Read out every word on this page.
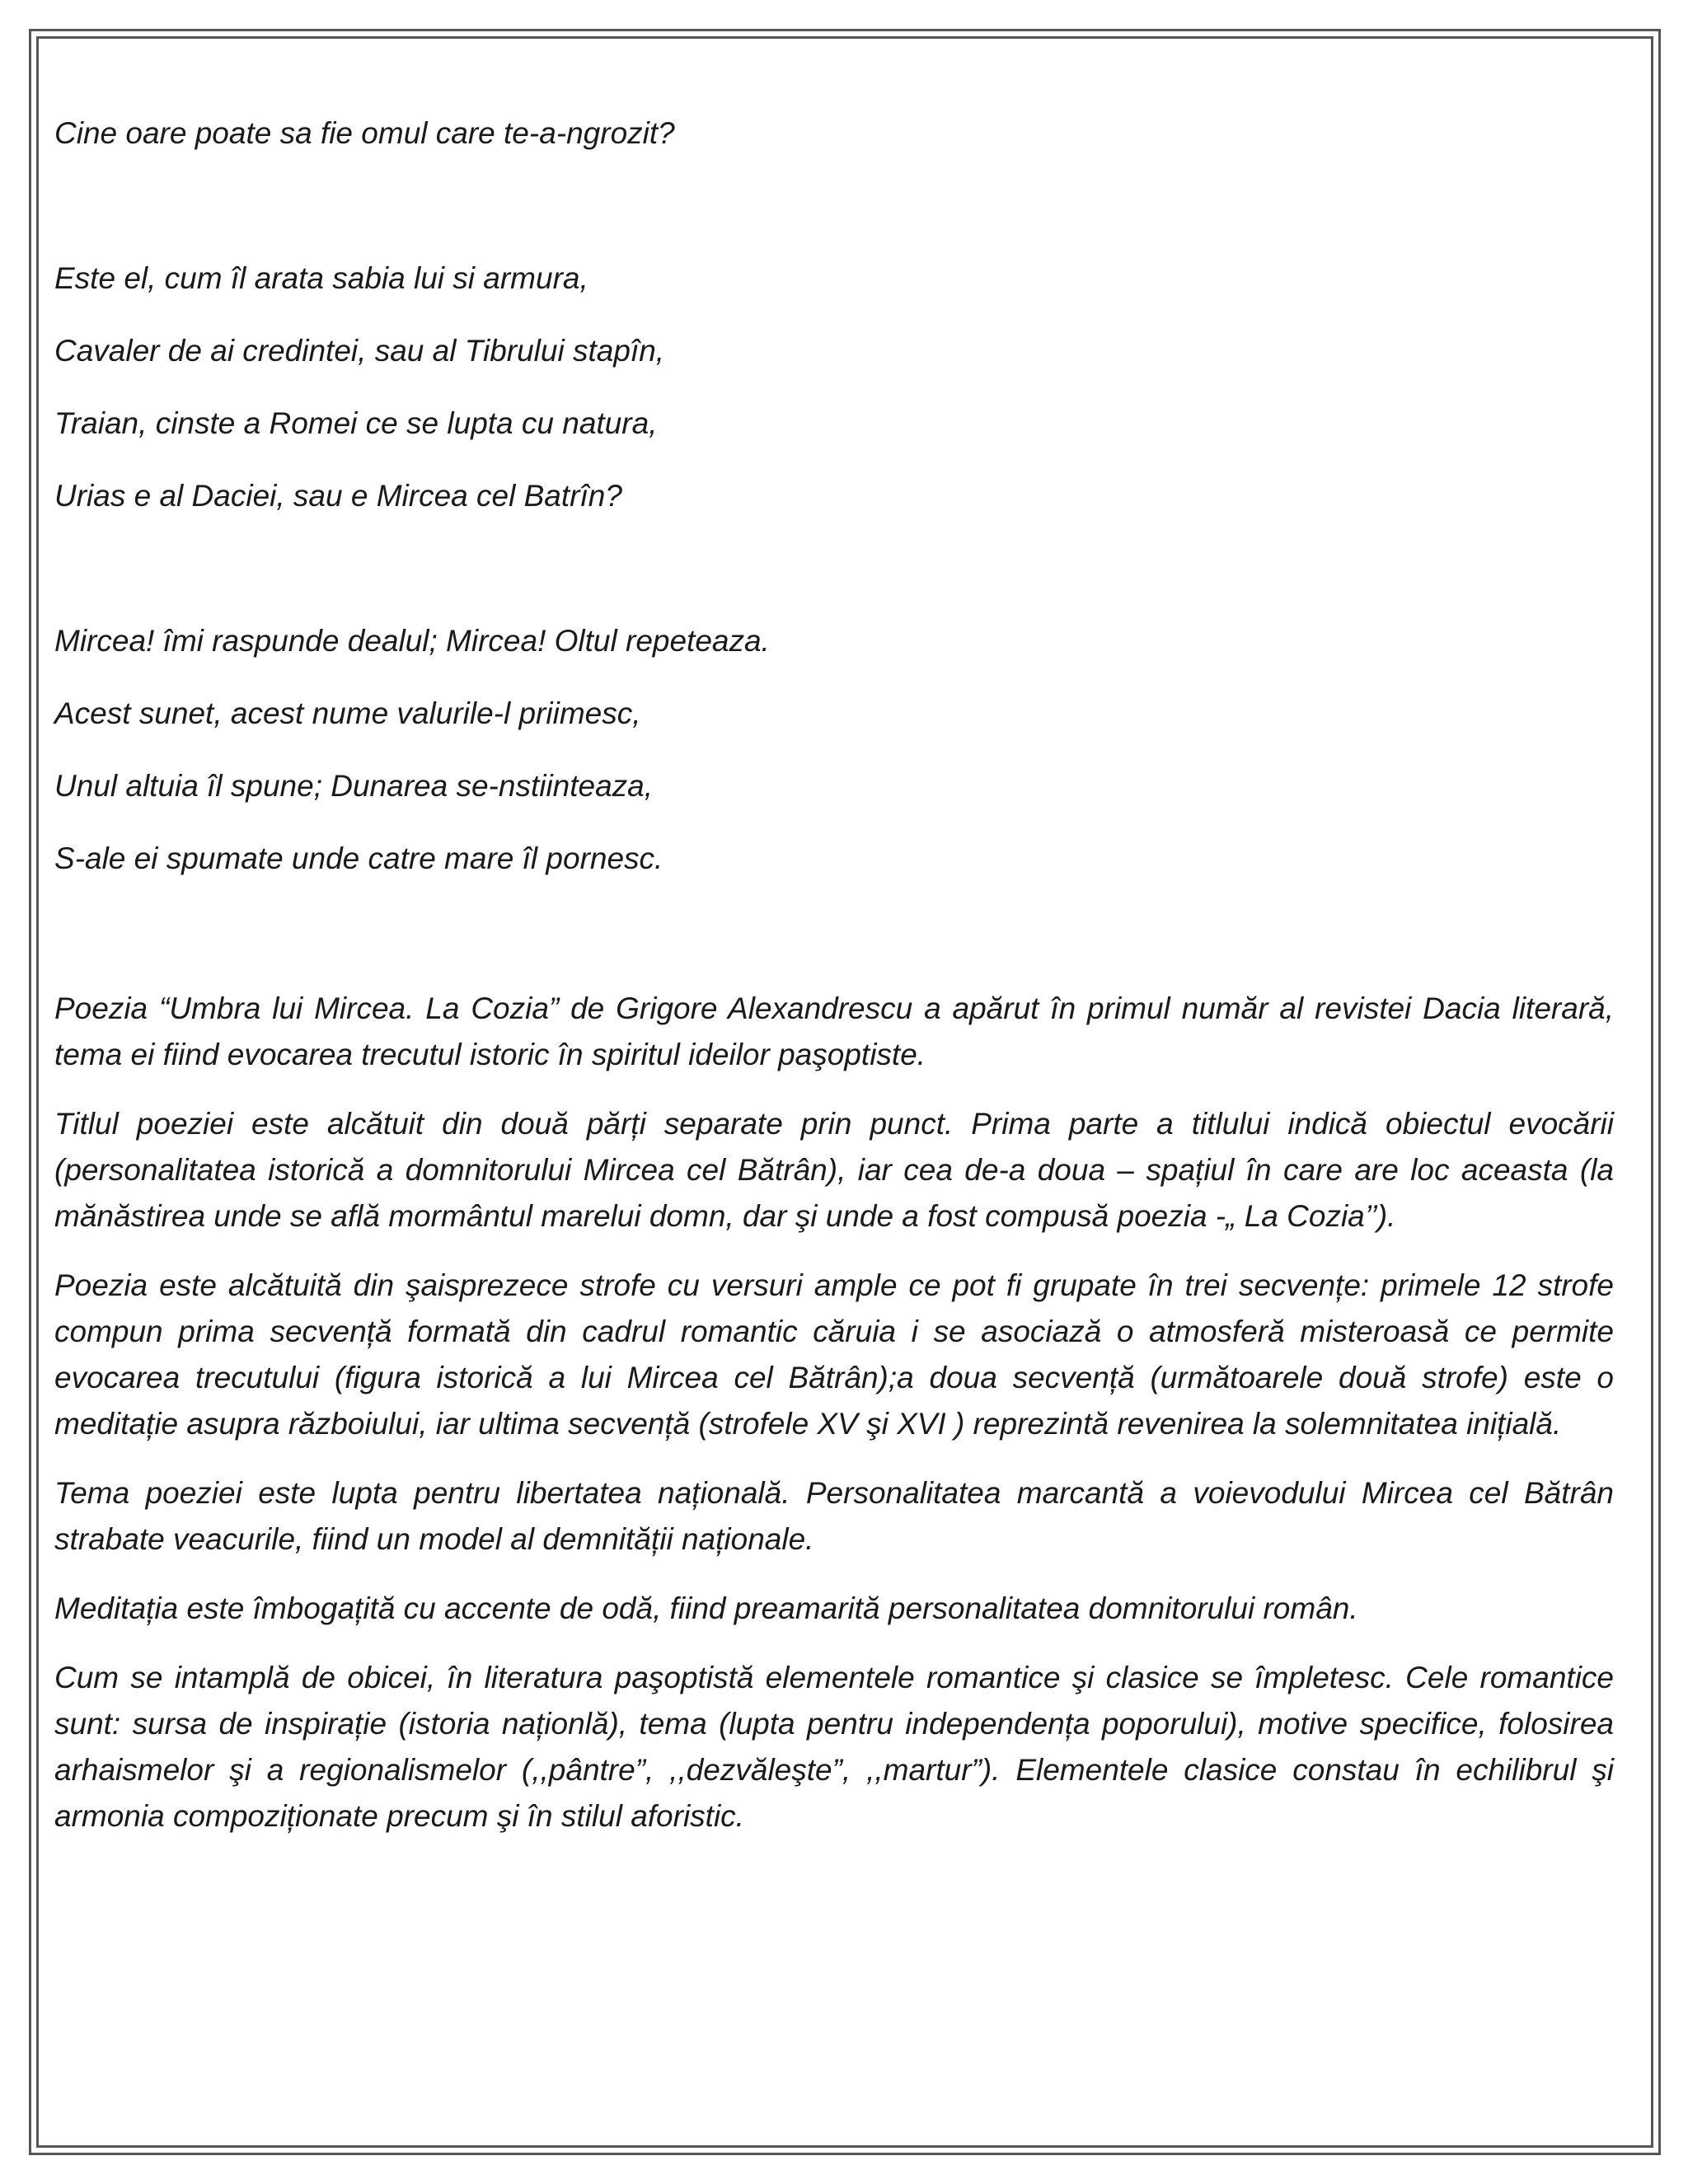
Cine oare poate sa fie omul care te-a-ngrozit?

Este el, cum îl arata sabia lui si armura,

Cavaler de ai credintei, sau al Tibrului stapîn,

Traian, cinste a Romei ce se lupta cu natura,

Urias e al Daciei, sau e Mircea cel Batrîn?

Mircea! îmi raspunde dealul; Mircea! Oltul repeteaza.

Acest sunet, acest nume valurile-l priimesc,

Unul altuia îl spune; Dunarea se-nstiinteaza,

S-ale ei spumate unde catre mare îl pornesc.

Poezia “Umbra lui Mircea. La Cozia” de Grigore Alexandrescu a apărut în primul număr al revistei Dacia literară, tema ei fiind evocarea trecutul istoric în spiritul ideilor paşoptiste.

Titlul poeziei este alcătuit din două părți separate prin punct. Prima parte a titlului indică obiectul evocării (personalitatea istorică a domnitorului Mircea cel Bătrân), iar cea de-a doua – spațiul în care are loc aceasta (la mănăstirea unde se află mormântul marelui domn, dar şi unde a fost compusă poezia -„ La Cozia’’).

Poezia este alcătuită din şaisprezece strofe cu versuri ample ce pot fi grupate în trei secvențe: primele 12 strofe compun prima secvență formată din cadrul romantic căruia i se asociază o atmosferă misteroasă ce permite evocarea trecutului (figura istorică a lui Mircea cel Bătrân);a doua secvență (următoarele două strofe) este o meditație asupra războiului, iar ultima secvență (strofele XV şi XVI ) reprezintă revenirea la solemnitatea inițială.

Tema poeziei este lupta pentru libertatea națională. Personalitatea marcantă a voievodului Mircea cel Bătrân strabate veacurile, fiind un model al demnității naționale.

Meditația este îmbogațită cu accente de odă, fiind preamarită personalitatea domnitorului român.

Cum se intamplă de obicei, în literatura paşoptistă elementele romantice şi clasice se împletesc. Cele romantice sunt: sursa de inspirație (istoria naționlă), tema (lupta pentru independența poporului), motive specifice, folosirea arhaismelor şi a regionalismelor (,,pântre”, ,,dezvăleşte”, ,,martur”). Elementele clasice constau în echilibrul şi armonia compoziționate precum şi în stilul aforistic.
